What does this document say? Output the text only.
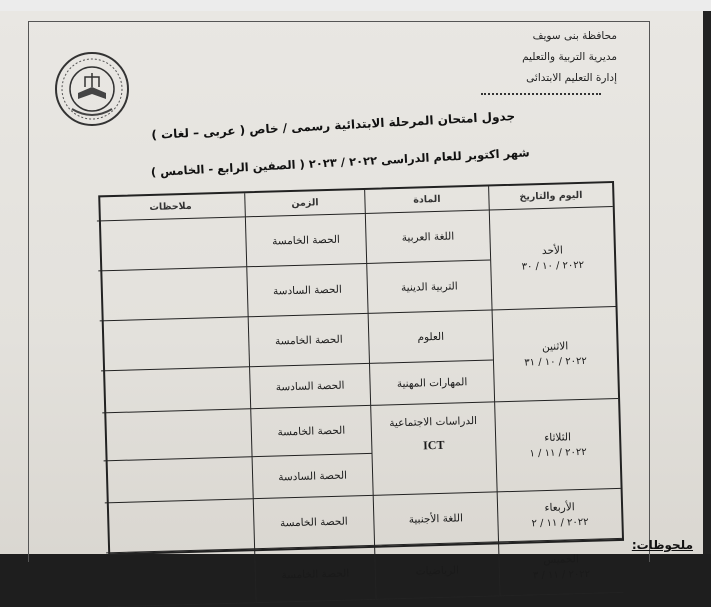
محافظة بنى سويف
مديرية التربية والتعليم
إدارة التعليم الابتدائى
جدول امتحان المرحلة الابتدائية رسمى / خاص ( عربى – لغات )
شهر اكتوبر للعام الدراسى ٢٠٢٢ / ٢٠٢٣ ( الصفين الرابع - الخامس )
اليوم والتاريخ
المادة
الزمن
ملاحظات
الأحد
٢٠٢٢ / ١٠ / ٣٠
الاثنين
٢٠٢٢ / ١٠ / ٣١
الثلاثاء
٢٠٢٢ / ١١ / ١
الأربعاء
٢٠٢٢ / ١١ / ٢
الخميس
٢٠٢٢ / ١١ / ٣
اللغة العربية
التربية الدينية
العلوم
المهارات المهنية
الدراسات الاجتماعية
ICT
اللغة الأجنبية
الرياضيات
الحصة الخامسة
الحصة السادسة
الحصة الخامسة
الحصة السادسة
الحصة الخامسة
الحصة السادسة
الحصة الخامسة
الحصة الخامسة
ملحوظات:
